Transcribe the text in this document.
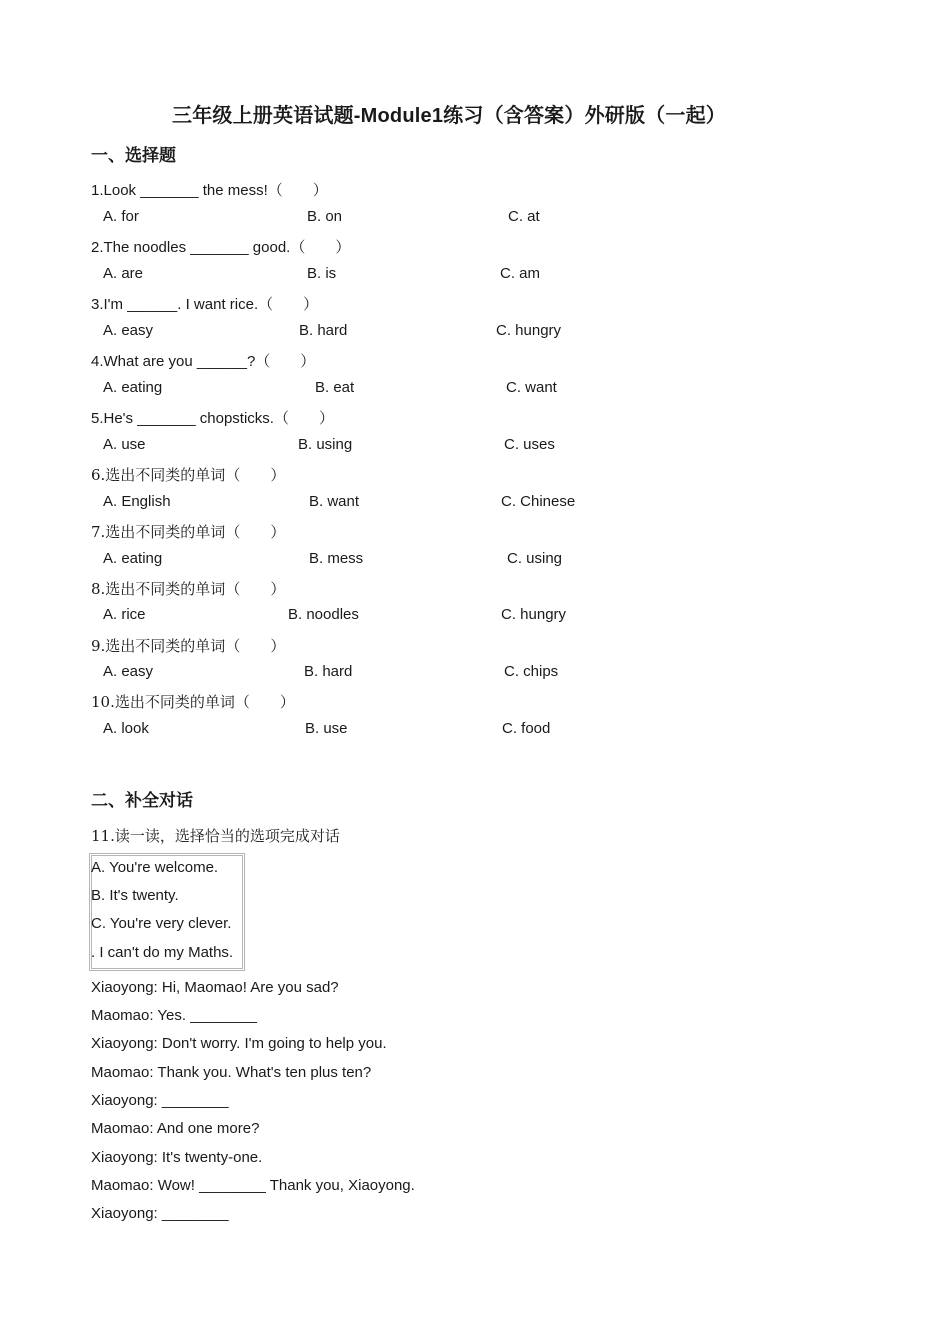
三年级上册英语试题-Module1练习（含答案）外研版（一起）
一、选择题
1.Look _______ the mess!（　　）
A. for	B. on	C. at
2.The noodles _______ good.（　　）
A. are	B. is	C. am
3.I'm ______. I want rice.（　　）
A. easy	B. hard	C. hungry
4.What are you ______?（　　）
A. eating	B. eat	C. want
5.He's _______ chopsticks.（　　）
A. use	B. using	C. uses
6.选出不同类的单词（　　）
A. English	B. want	C. Chinese
7.选出不同类的单词（　　）
A. eating	B. mess	C. using
8.选出不同类的单词（　　）
A. rice	B. noodles	C. hungry
9.选出不同类的单词（　　）
A. easy	B. hard	C. chips
10.选出不同类的单词（　　）
A. look	B. use	C. food
二、补全对话
11.读一读，选择恰当的选项完成对话
A. You're welcome.
B. It's twenty.
C. You're very clever.
. I can't do my Maths.
Xiaoyong: Hi, Maomao! Are you sad?
Maomao: Yes. ________
Xiaoyong: Don't worry. I'm going to help you.
Maomao: Thank you. What's ten plus ten?
Xiaoyong: ________
Maomao: And one more?
Xiaoyong: It's twenty-one.
Maomao: Wow! ________ Thank you, Xiaoyong.
Xiaoyong: ________
